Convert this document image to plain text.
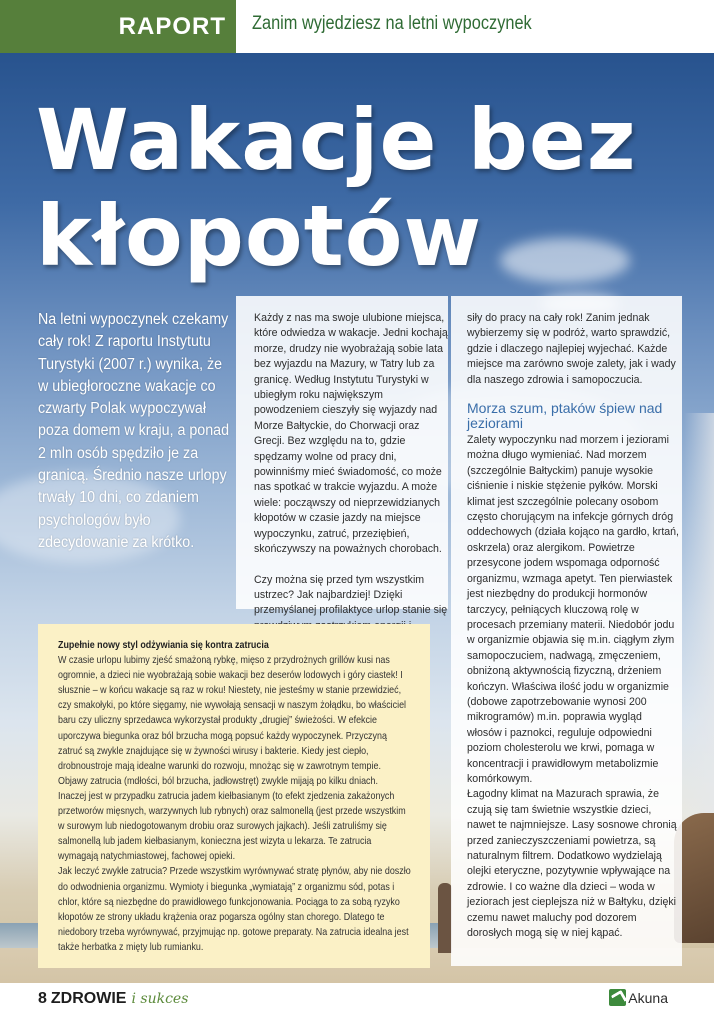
RAPORT Zanim wyjedziesz na letni wypoczynek
Wakacje bez kłopotów
Na letni wypoczynek czekamy cały rok! Z raportu Instytutu Turystyki (2007 r.) wynika, że w ubiegłoroczne wakacje co czwarty Polak wypoczywał poza domem w kraju, a ponad 2 mln osób spędziło je za granicą. Średnio nasze urlopy trwały 10 dni, co zdaniem psychologów było zdecydowanie za krótko.

Każdy z nas ma swoje ulubione miejsca, które odwiedza w wakacje. Jedni kochają morze, drudzy nie wyobrażają sobie lata bez wyjazdu na Mazury, w Tatry lub za granicę. Według Instytutu Turystyki w ubiegłym roku największym powodzeniem cieszyły się wyjazdy nad Morze Bałtyckie, do Chorwacji oraz Grecji. Bez względu na to, gdzie spędzamy wolne od pracy dni, powinniśmy mieć świadomość, co może nas spotkać w trakcie wyjazdu. A może wiele: począwszy od nieprzewidzianych kłopotów w czasie jazdy na miejsce wypoczynku, zatruć, przeziębień, skończywszy na poważnych chorobach.

Czy można się przed tym wszystkim ustrzec? Jak najbardziej! Dzięki przemyślanej profilaktyce urlop stanie się

siły do pracy na cały rok! Zanim jednak wybierzemy się w podróż, warto sprawdzić, gdzie i dlaczego najlepiej wyjechać. Każde miejsce ma zarówno swoje zalety, jak i wady dla naszego zdrowia i samopoczucia.

Morza szum, ptaków śpiew nad jeziorami

Zalety wypoczynku nad morzem i jeziorami można długo wymieniać. Nad morzem (szczególnie Bałtyckim) panuje wysokie ciśnienie i niskie stężenie pyłków. Morski klimat jest szczególnie polecany osobom często chorującym na infekcje górnych dróg oddechowych (działa kojąco na gardło, krtań, oskrzela) oraz alergikom. Powietrze przesycone jodem wspomaga odporność organizmu, wzmaga apetyt. Ten pierwiastek jest niezbędny do produkcji hormonów tarczycy, pełniących kluczową rolę w procesach przemiany materii. Niedobór jodu w organizmie objawia się m.in. ciągłym złym samopoczuciem, nadwagą, zmęczeniem, obniżoną aktywnością fizyczną, drżeniem kończyn. Właściwa ilość jodu w organizmie (dobowe zapotrzebowanie wynosi 200 mikrogramów) m.in. poprawia wygląd włosów i paznokci, reguluje odpowiedni poziom cholesterolu we krwi, pomaga w koncentracji i prawidłowym metabolizmie komórkowym.

Łagodny klimat na Mazurach sprawia, że czują się tam świetnie wszystkie dzieci, nawet te najmniejsze. Lasy sosnowe chronią przed zanieczyszczeniami powietrza, są naturalnym filtrem. Dodatkowo wydzielają olejki eteryczne, pozytywnie wpływające na zdrowie. I co ważne dla dzieci – woda w jeziorach jest cieplejsza niż w Bałtyku, dzięki czemu nawet maluchy pod dozorem dorosłych mogą się w niej kąpać.

Zupełnie nowy styl odżywiania się kontra zatrucia
W czasie urlopu lubimy zjeść smażoną rybkę, mięso z przydrożnych grillów kusi nas ogromnie, a dzieci nie wyobrażają sobie wakacji bez deserów lodowych i góry ciastek! I słusznie – w końcu wakacje są raz w roku! Niestety, nie jesteśmy w stanie przewidzieć, czy smakołyki, po które sięgamy, nie wywołają sensacji w naszym żołądku, bo właściciel baru czy uliczny sprzedawca wykorzystał produkty „drugiej” świeżości. W efekcie uporczywa biegunka oraz ból brzucha mogą popsuć każdy wypoczynek. Przyczyną zatruć są zwykle znajdujące się w żywności wirusy i bakterie. Kiedy jest ciepło, drobnoustroje mają idealne warunki do rozwoju, mnożąc się w zawrotnym tempie. Objawy zatrucia (mdłości, ból brzucha, jadłowstręt) zwykle mijają po kilku dniach.
Inaczej jest w przypadku zatrucia jadem kiełbasianym (to efekt zjedzenia zakażonych przetworów mięsnych, warzywnych lub rybnych) oraz salmonellą (jest przede wszystkim w surowym lub niedogotowanym drobiu oraz surowych jajkach). Jeśli zatruliśmy się salmonellą lub jadem kiełbasianym, konieczna jest wizyta u lekarza. Te zatrucia wymagają natychmiastowej, fachowej opieki.
Jak leczyć zwykłe zatrucia? Przede wszystkim wyrównywać stratę płynów, aby nie doszło do odwodnienia organizmu. Wymioty i biegunka „wymiatają” z organizmu sód, potas i chlor, które są niezbędne do prawidłowego funkcjonowania. Pociąga to za sobą ryzyko kłopotów ze strony układu krążenia oraz pogarsza ogólny stan chorego. Dlatego te niedobory trzeba wyrównywać, przyjmując np. gotowe preparaty. Na zatrucia idealna jest także herbatka z mięty lub rumianku.
8 ZDROWIE i sukces	Akuna
